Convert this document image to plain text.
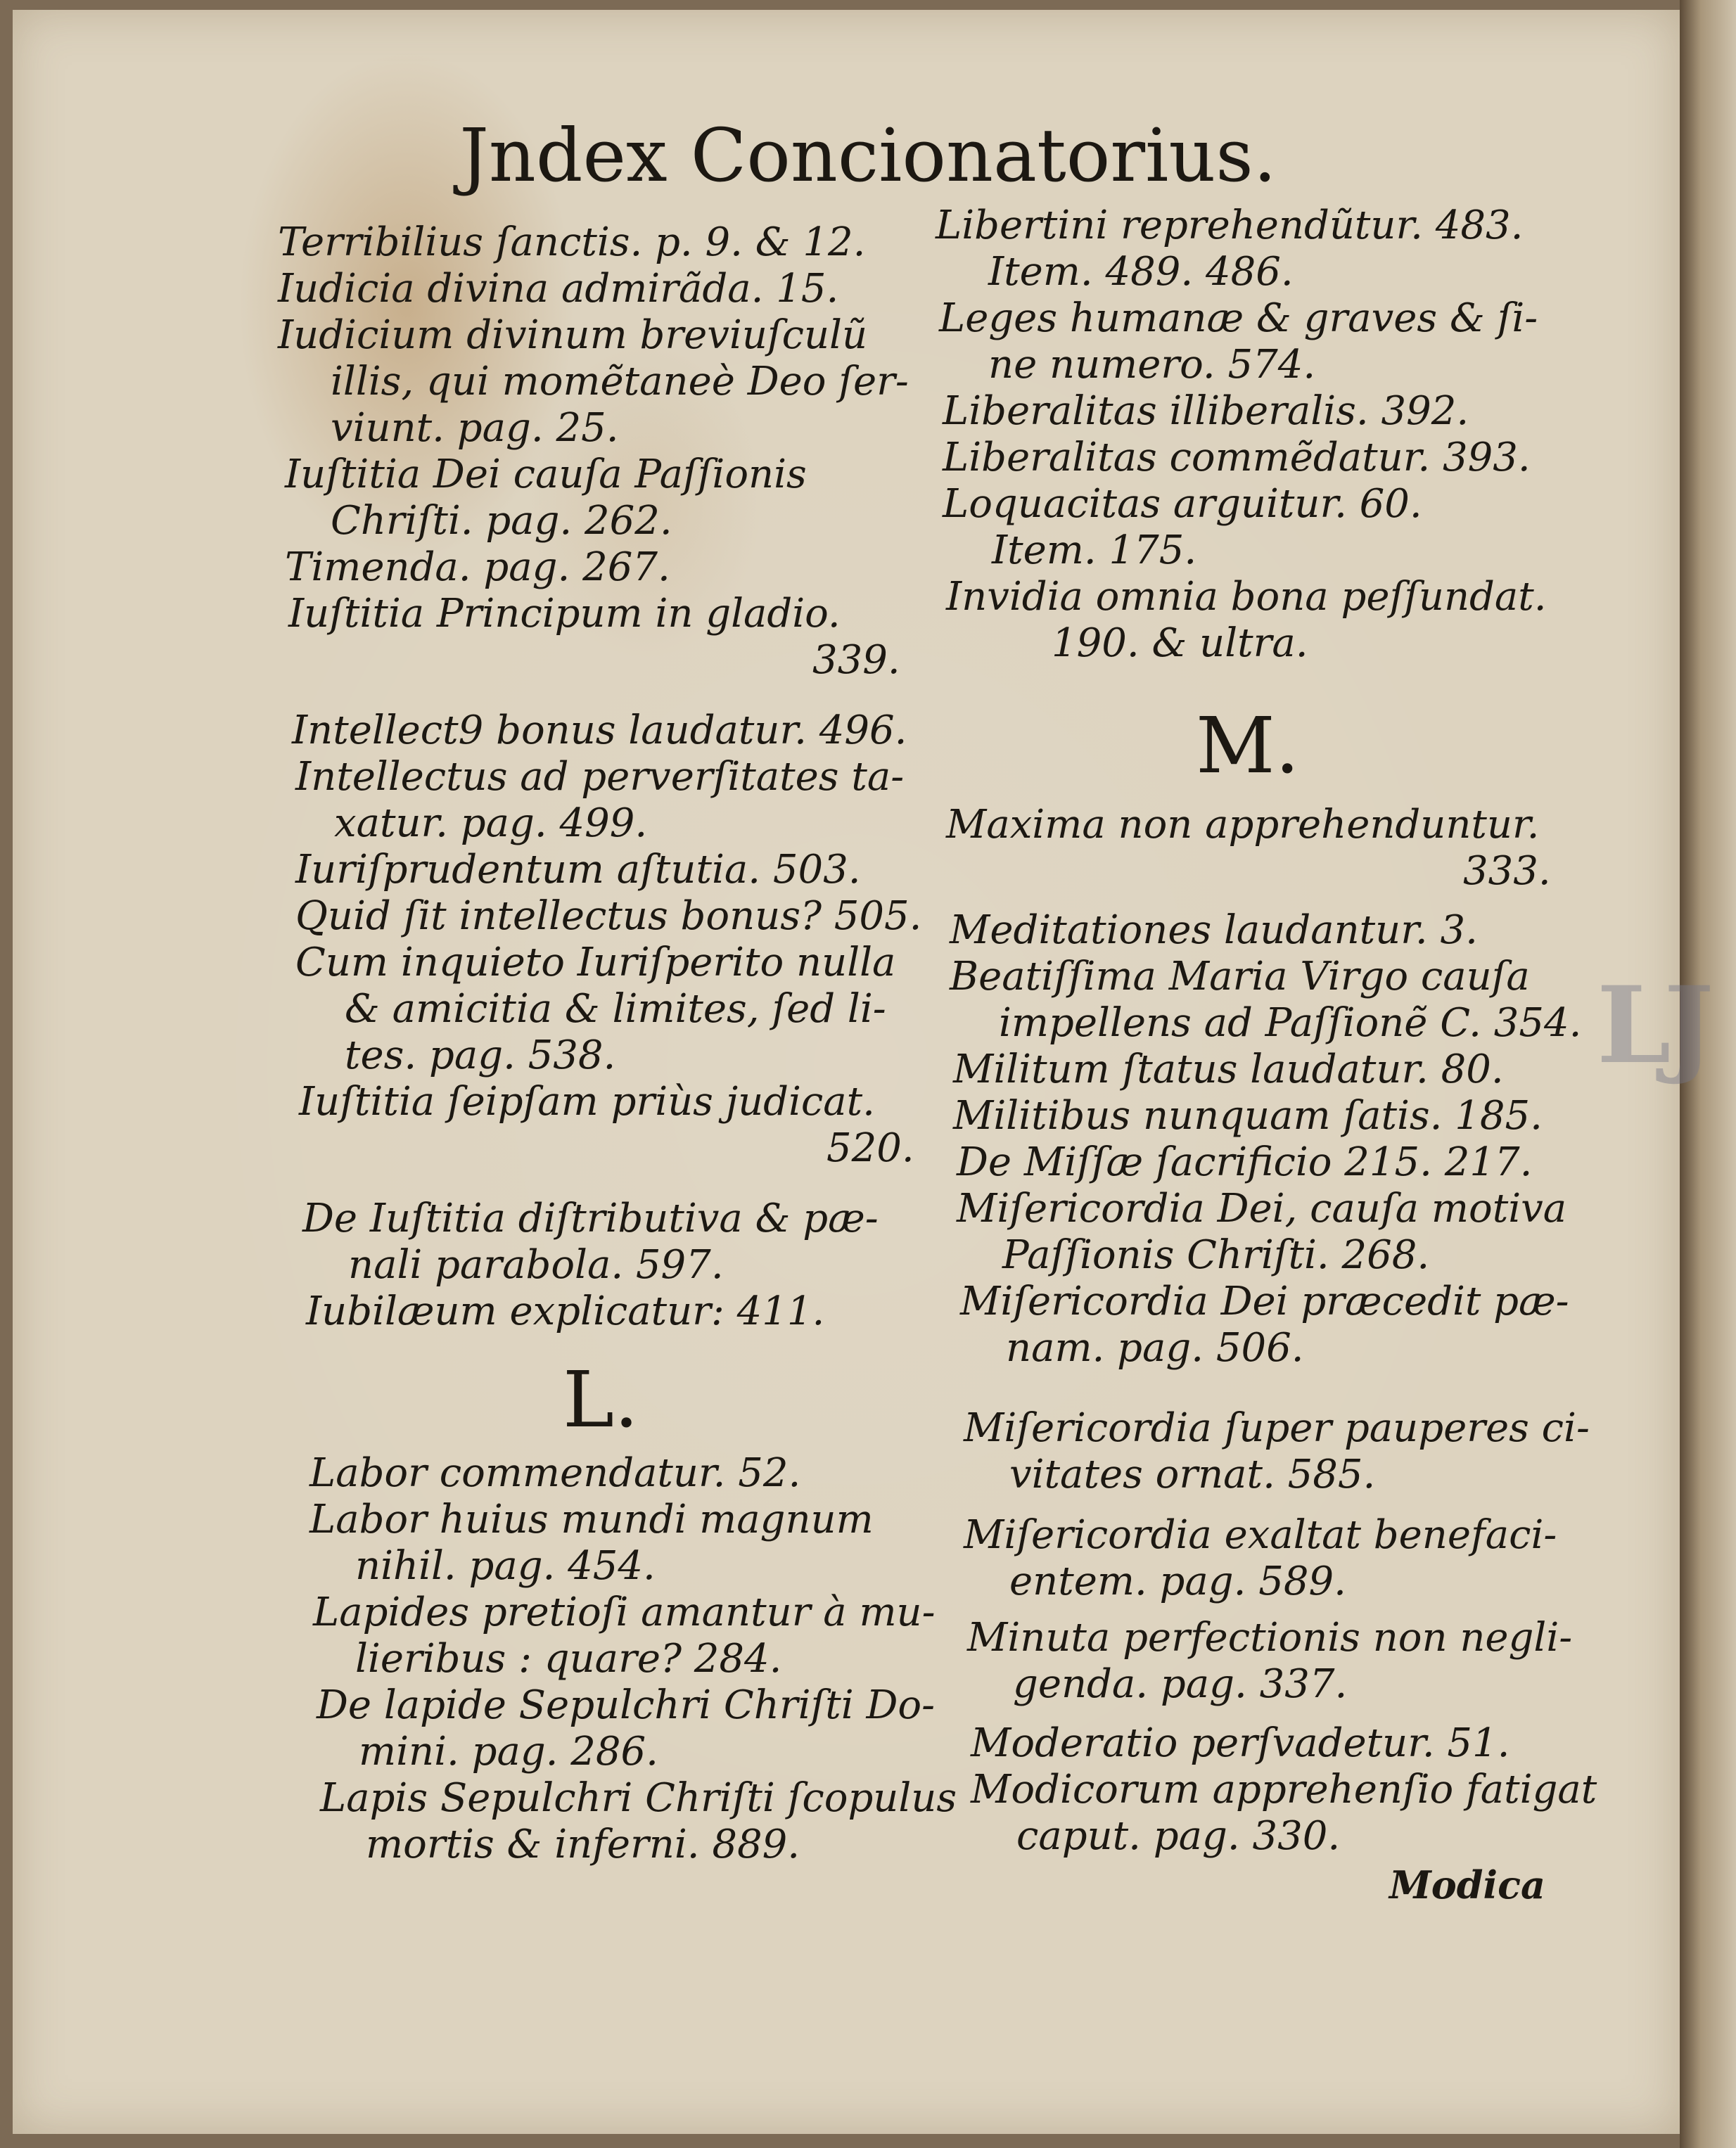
LJ
Jndex Concionatorius.

Terribilius ſanctis. p. 9. & 12.

Iudicia divina admirãda. 15.

Iudicium divinum breviuſculũ

illis, qui momẽtaneè Deo ſer-

viunt. pag. 25.

Iuſtitia Dei cauſa Paſſionis

Chriſti. pag. 262.

Timenda. pag. 267.

Iuſtitia Principum in gladio.

339.

Intellect9 bonus laudatur. 496.

Intellectus ad perverſitates ta-

xatur. pag. 499.

Iuriſprudentum aſtutia. 503.

Quid ſit intellectus bonus? 505.

Cum inquieto Iuriſperito nulla

& amicitia & limites, ſed li-

tes. pag. 538.

Iuſtitia ſeipſam priùs judicat.

520.

De Iuſtitia diſtributiva & pæ-

nali parabola. 597.

Iubilæum explicatur: 411.

L.

Labor commendatur. 52.

Labor huius mundi magnum

nihil. pag. 454.

Lapides pretioſi amantur à mu-

lieribus : quare? 284.

De lapide Sepulchri Chriſti Do-

mini. pag. 286.

Lapis Sepulchri Chriſti ſcopulus

mortis & inferni. 889.

Libertini reprehendũtur. 483.

Item. 489. 486.

Leges humanæ & graves & ſi-

ne numero. 574.

Liberalitas illiberalis. 392.

Liberalitas commẽdatur. 393.

Loquacitas arguitur. 60.

Item. 175.

Invidia omnia bona peſſundat.

190. & ultra.

M.

Maxima non apprehenduntur.

333.

Meditationes laudantur. 3.

Beatiſſima Maria Virgo cauſa

impellens ad Paſſionẽ C. 354.

Militum ſtatus laudatur. 80.

Militibus nunquam ſatis. 185.

De Miſſæ ſacrificio 215. 217.

Miſericordia Dei, cauſa motiva

Paſſionis Chriſti. 268.

Miſericordia Dei præcedit pæ-

nam. pag. 506.

Miſericordia ſuper pauperes ci-

vitates ornat. 585.

Miſericordia exaltat benefaci-

entem. pag. 589.

Minuta perfectionis non negli-

genda. pag. 337.

Moderatio perſvadetur. 51.

Modicorum apprehenſio fatigat

caput. pag. 330.

Modica
